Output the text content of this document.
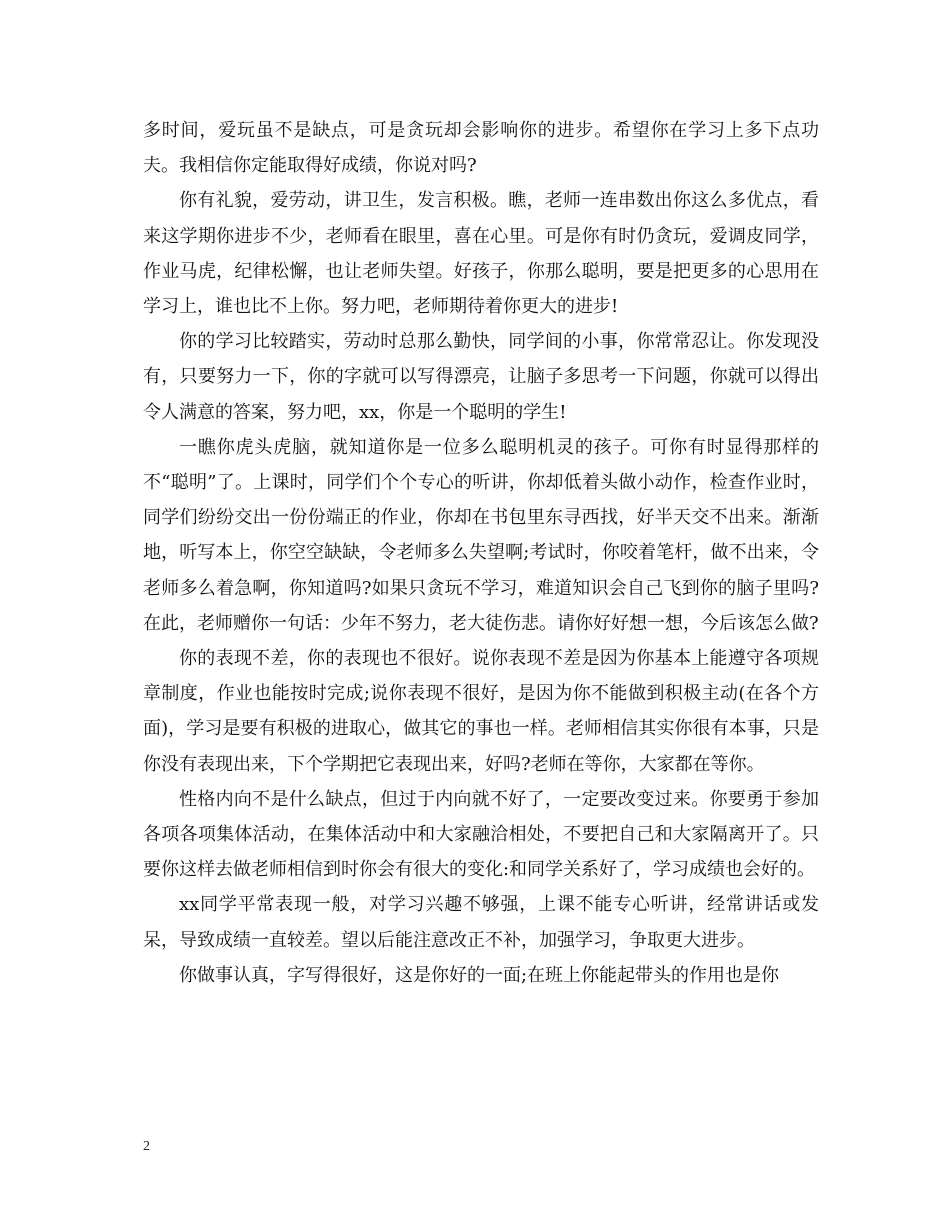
多时间，爱玩虽不是缺点，可是贪玩却会影响你的进步。希望你在学习上多下点功夫。我相信你定能取得好成绩，你说对吗?

你有礼貌，爱劳动，讲卫生，发言积极。瞧，老师一连串数出你这么多优点，看来这学期你进步不少，老师看在眼里，喜在心里。可是你有时仍贪玩，爱调皮同学，作业马虎，纪律松懈，也让老师失望。好孩子，你那么聪明，要是把更多的心思用在学习上，谁也比不上你。努力吧，老师期待着你更大的进步!

你的学习比较踏实，劳动时总那么勤快，同学间的小事，你常常忍让。你发现没有，只要努力一下，你的字就可以写得漂亮，让脑子多思考一下问题，你就可以得出令人满意的答案，努力吧，xx，你是一个聪明的学生!

一瞧你虎头虎脑，就知道你是一位多么聪明机灵的孩子。可你有时显得那样的不“聪明”了。上课时，同学们个个专心的听讲，你却低着头做小动作，检查作业时，同学们纷纷交出一份份端正的作业，你却在书包里东寻西找，好半天交不出来。渐渐地，听写本上，你空空缺缺，令老师多么失望啊;考试时，你咬着笔杆，做不出来，令老师多么着急啊，你知道吗?如果只贪玩不学习，难道知识会自己飞到你的脑子里吗?在此，老师赠你一句话：少年不努力，老大徒伤悲。请你好好想一想，今后该怎么做?

你的表现不差，你的表现也不很好。说你表现不差是因为你基本上能遵守各项规章制度，作业也能按时完成;说你表现不很好，是因为你不能做到积极主动(在各个方面)，学习是要有积极的进取心，做其它的事也一样。老师相信其实你很有本事，只是你没有表现出来，下个学期把它表现出来，好吗?老师在等你，大家都在等你。

性格内向不是什么缺点，但过于内向就不好了，一定要改变过来。你要勇于参加各项各项集体活动，在集体活动中和大家融洽相处，不要把自己和大家隔离开了。只要你这样去做老师相信到时你会有很大的变化:和同学关系好了，学习成绩也会好的。

xx同学平常表现一般，对学习兴趣不够强，上课不能专心听讲，经常讲话或发呆，导致成绩一直较差。望以后能注意改正不补，加强学习，争取更大进步。

你做事认真，字写得很好，这是你好的一面;在班上你能起带头的作用也是你

2
